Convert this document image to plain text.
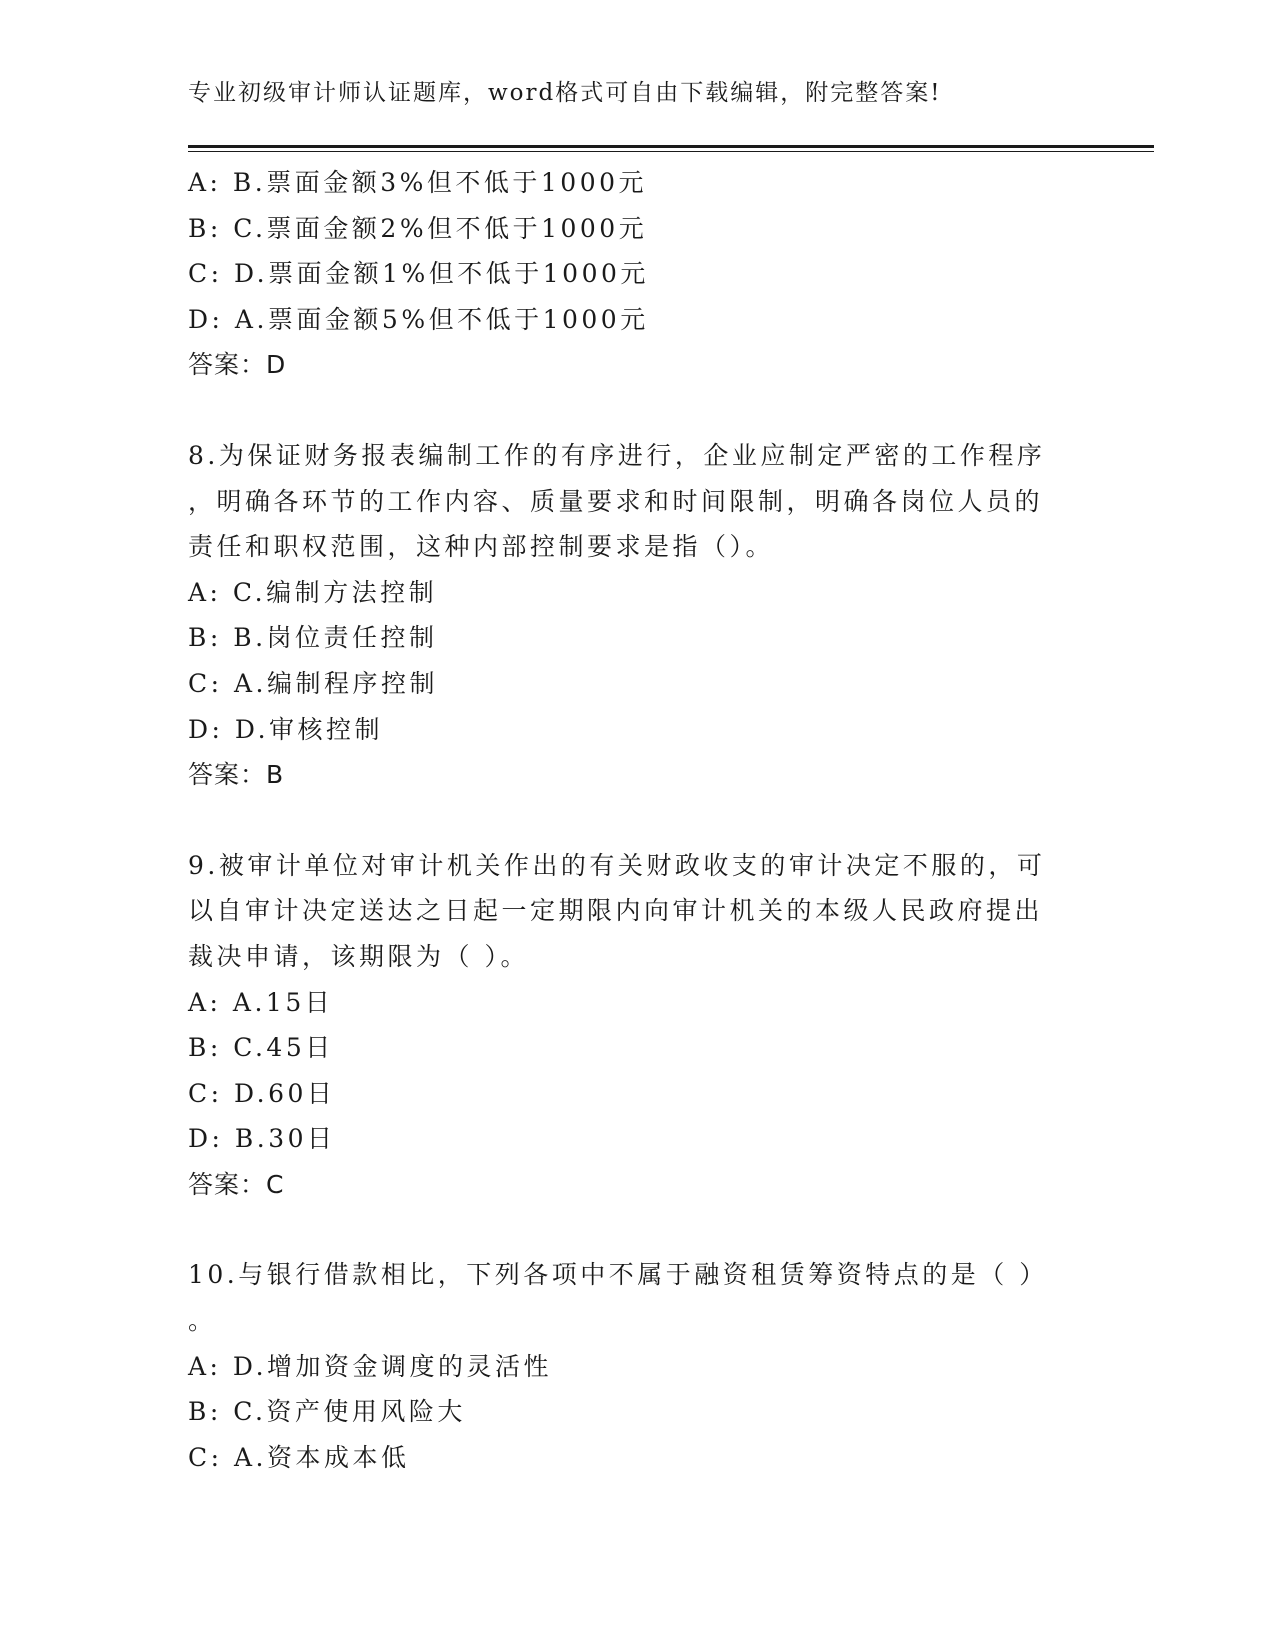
专业初级审计师认证题库，word格式可自由下载编辑，附完整答案!
A: B.票面金额3%但不低于1000元
B: C.票面金额2%但不低于1000元
C: D.票面金额1%但不低于1000元
D: A.票面金额5%但不低于1000元
答案：D
8.为保证财务报表编制工作的有序进行，企业应制定严密的工作程序
，明确各环节的工作内容、质量要求和时间限制，明确各岗位人员的
责任和职权范围，这种内部控制要求是指（）。
A: C.编制方法控制
B: B.岗位责任控制
C: A.编制程序控制
D: D.审核控制
答案：B
9.被审计单位对审计机关作出的有关财政收支的审计决定不服的，可
以自审计决定送达之日起一定期限内向审计机关的本级人民政府提出
裁决申请，该期限为（ ）。
A: A.15日
B: C.45日
C: D.60日
D: B.30日
答案：C
10.与银行借款相比，下列各项中不属于融资租赁筹资特点的是（ ）
。
A: D.增加资金调度的灵活性
B: C.资产使用风险大
C: A.资本成本低
